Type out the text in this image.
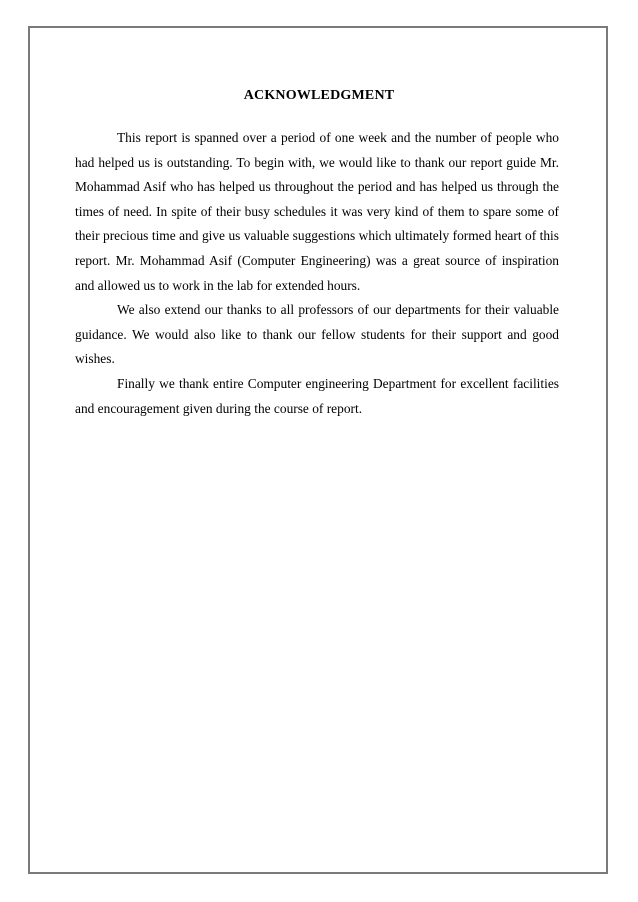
ACKNOWLEDGMENT

This report is spanned over a period of one week and the number of people who had helped us is outstanding. To begin with, we would like to thank our report guide Mr. Mohammad Asif who has helped us throughout the period and has helped us through the times of need. In spite of their busy schedules it was very kind of them to spare some of their precious time and give us valuable suggestions which ultimately formed heart of this report. Mr. Mohammad Asif (Computer Engineering) was a great source of inspiration and allowed us to work in the lab for extended hours.

We also extend our thanks to all professors of our departments for their valuable guidance. We would also like to thank our fellow students for their support and good wishes.

Finally we thank entire Computer engineering Department for excellent facilities and encouragement given during the course of report.
